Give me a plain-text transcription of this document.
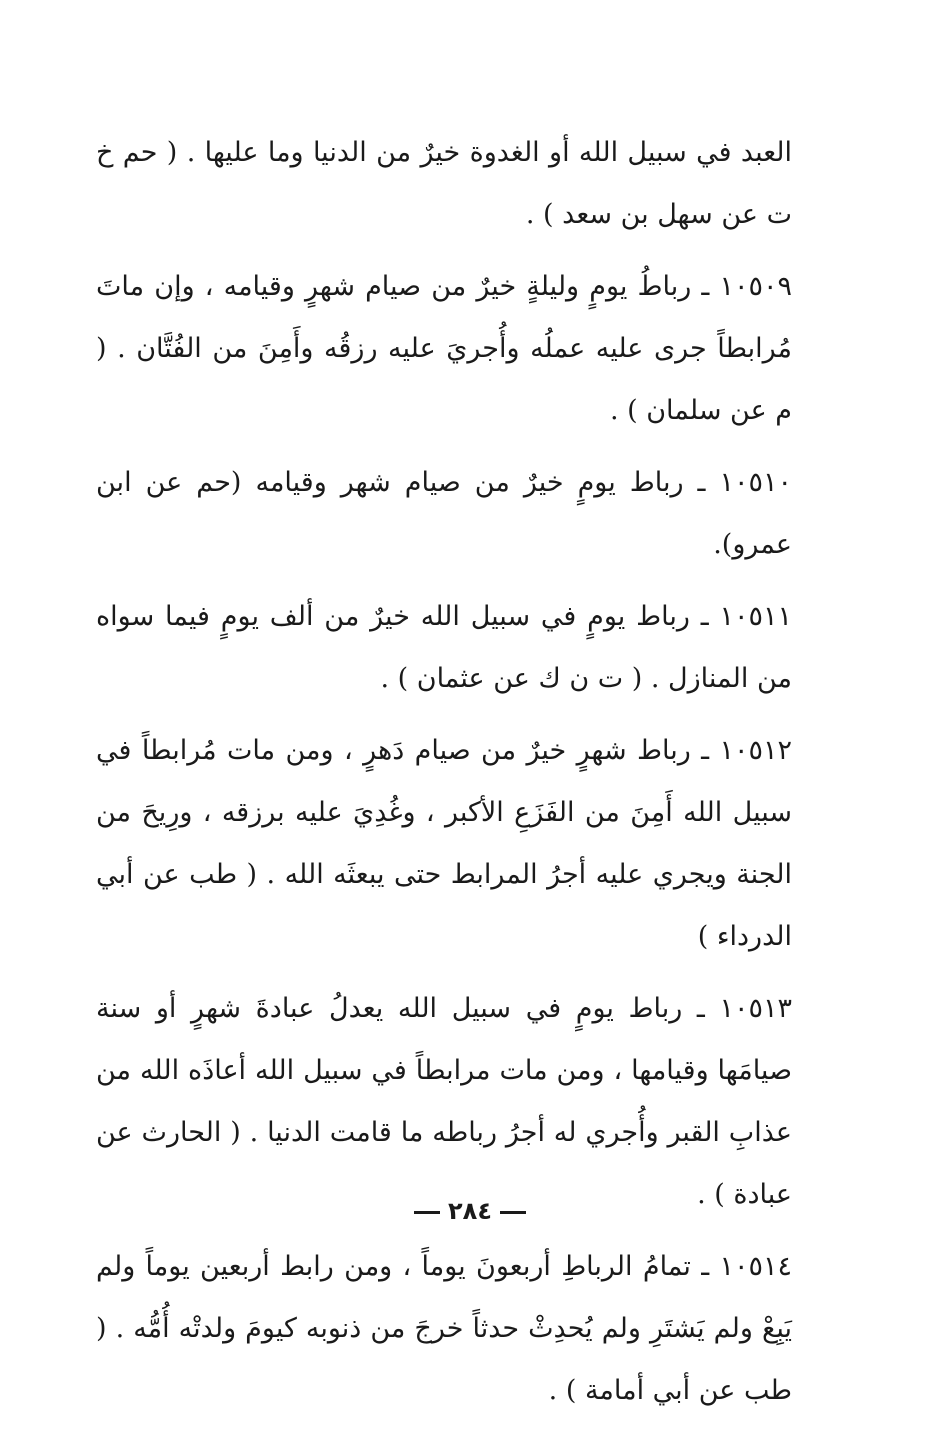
العبد في سبيل الله أو الغدوة خيرٌ من الدنيا وما عليها . ( حم خ ت عن سهل بن سعد ) .

١٠٥٠٩ ـ رباطُ يومٍ وليلةٍ خيرٌ من صيام شهرٍ وقيامه ، وإن ماتَ مُرابطاً جرى عليه عملُه وأُجريَ عليه رزقُه وأَمِنَ من الفُتَّان . ( م عن سلمان ) .

١٠٥١٠ ـ رباط يومٍ خيرٌ من صيام شهر وقيامه (حم عن ابن عمرو).

١٠٥١١ ـ رباط يومٍ في سبيل الله خيرٌ من ألف يومٍ فيما سواه من المنازل . ( ت ن ك عن عثمان ) .

١٠٥١٢ ـ رباط شهرٍ خيرٌ من صيام دَهرٍ ، ومن مات مُرابطاً في سبيل الله أَمِنَ من الفَزَعِ الأكبر ، وغُدِيَ عليه برزقه ، ورِيحَ من الجنة ويجري عليه أجرُ المرابط حتى يبعثَه الله . ( طب عن أبي الدرداء )

١٠٥١٣ ـ رباط يومٍ في سبيل الله يعدلُ عبادةَ شهرٍ أو سنة صيامَها وقيامها ، ومن مات مرابطاً في سبيل الله أعاذَه الله من عذابِ القبر وأُجري له أجرُ رباطه ما قامت الدنيا . ( الحارث عن عبادة ) .

١٠٥١٤ ـ تمامُ الرباطِ أربعونَ يوماً ، ومن رابط أربعين يوماً ولم يَبِعْ ولم يَشتَرِ ولم يُحدِثْ حدثاً خرجَ من ذنوبه كيومَ ولدتْه أُمُّه . ( طب عن أبي أمامة ) .

٢٨٤
